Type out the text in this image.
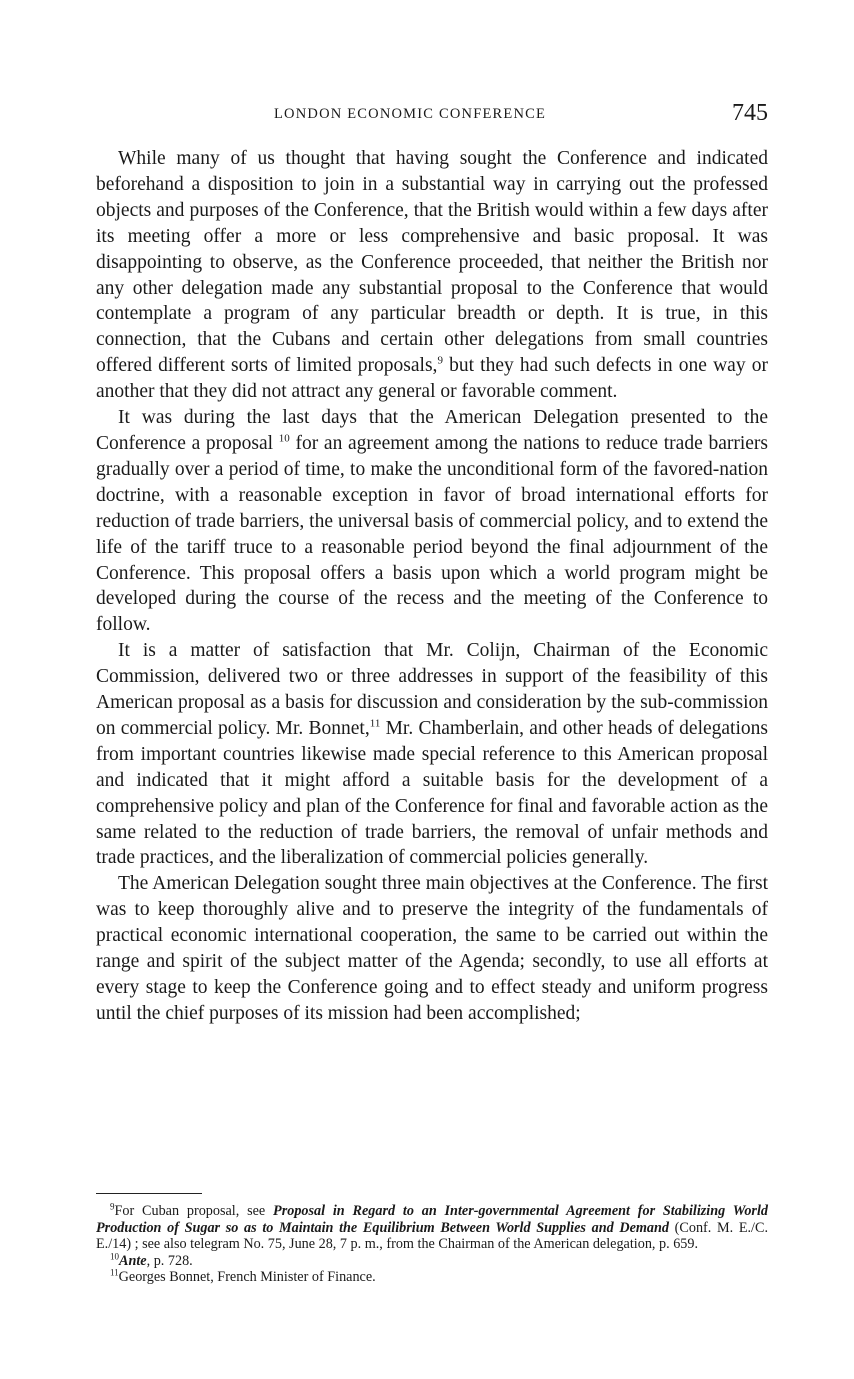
LONDON ECONOMIC CONFERENCE	745

While many of us thought that having sought the Conference and indicated beforehand a disposition to join in a substantial way in carrying out the professed objects and purposes of the Conference, that the British would within a few days after its meeting offer a more or less comprehensive and basic proposal. It was disappointing to observe, as the Conference proceeded, that neither the British nor any other delegation made any substantial proposal to the Conference that would contemplate a program of any particular breadth or depth. It is true, in this connection, that the Cubans and certain other delegations from small countries offered different sorts of limited proposals,$^9$ but they had such defects in one way or another that they did not attract any general or favorable comment.

It was during the last days that the American Delegation presented to the Conference a proposal $^{10}$ for an agreement among the nations to reduce trade barriers gradually over a period of time, to make the unconditional form of the favored-nation doctrine, with a reasonable exception in favor of broad international efforts for reduction of trade barriers, the universal basis of commercial policy, and to extend the life of the tariff truce to a reasonable period beyond the final adjournment of the Conference. This proposal offers a basis upon which a world program might be developed during the course of the recess and the meeting of the Conference to follow.

It is a matter of satisfaction that Mr. Colijn, Chairman of the Economic Commission, delivered two or three addresses in support of the feasibility of this American proposal as a basis for discussion and consideration by the sub-commission on commercial policy. Mr. Bonnet,$^{11}$ Mr. Chamberlain, and other heads of delegations from important countries likewise made special reference to this American proposal and indicated that it might afford a suitable basis for the development of a comprehensive policy and plan of the Conference for final and favorable action as the same related to the reduction of trade barriers, the removal of unfair methods and trade practices, and the liberalization of commercial policies generally.

The American Delegation sought three main objectives at the Conference. The first was to keep thoroughly alive and to preserve the integrity of the fundamentals of practical economic international cooperation, the same to be carried out within the range and spirit of the subject matter of the Agenda; secondly, to use all efforts at every stage to keep the Conference going and to effect steady and uniform progress until the chief purposes of its mission had been accomplished;

$^9$For Cuban proposal, see Proposal in Regard to an Inter-governmental Agreement for Stabilizing World Production of Sugar so as to Maintain the Equilibrium Between World Supplies and Demand (Conf. M. E./C. E./14) ; see also telegram No. 75, June 28, 7 p. m., from the Chairman of the American delegation, p. 659.

$^{10}$Ante, p. 728.

$^{11}$Georges Bonnet, French Minister of Finance.
